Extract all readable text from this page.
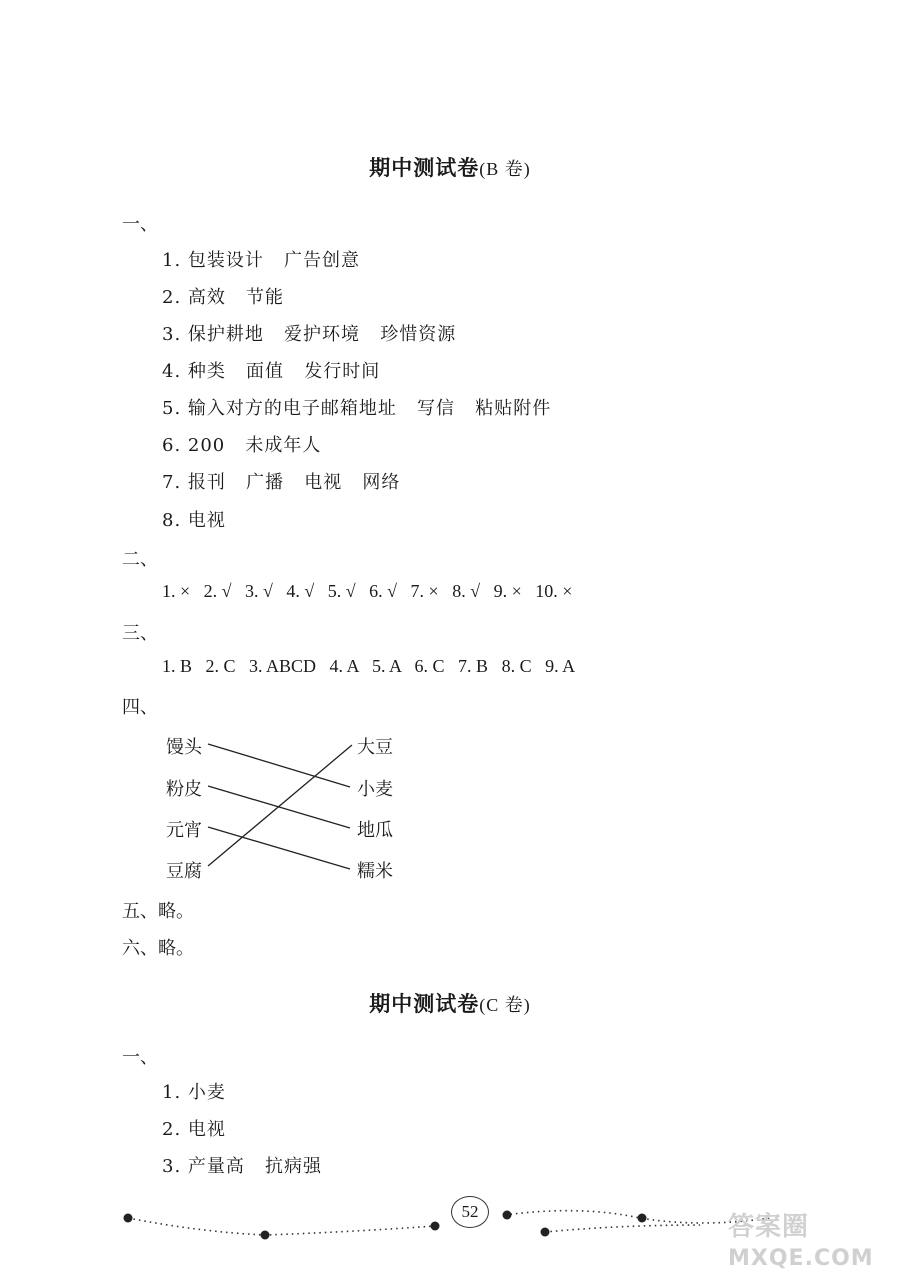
期中测试卷(B 卷)
一、
1. 包装设计   广告创意
2. 高效   节能
3. 保护耕地   爱护环境   珍惜资源
4. 种类   面值   发行时间
5. 输入对方的电子邮箱地址   写信   粘贴附件
6. 200   未成年人
7. 报刊   广播   电视   网络
8. 电视
二、
1. ×   2. √   3. √   4. √   5. √   6. √   7. ×   8. √   9. ×   10. ×
三、
1. B   2. C   3. ABCD   4. A   5. A   6. C   7. B   8. C   9. A
四、
馒头
粉皮
元宵
豆腐
大豆
小麦
地瓜
糯米
五、略。
六、略。
期中测试卷(C 卷)
一、
1. 小麦
2. 电视
3. 产量高   抗病强
52
答案圈
MXQE.COM
